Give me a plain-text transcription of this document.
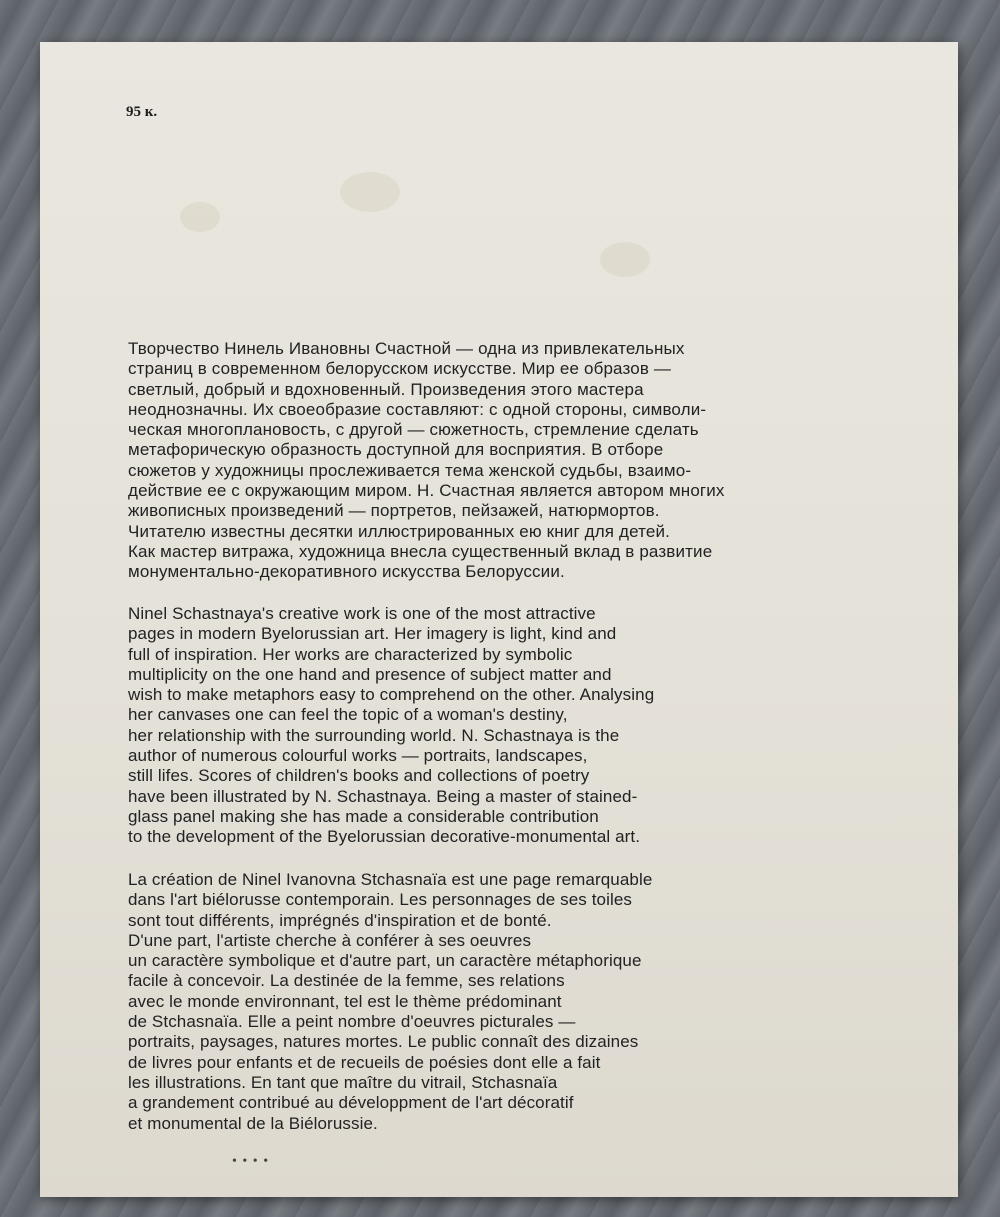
95 к.
Творчество Нинель Ивановны Счастной — одна из привлекательных
страниц в современном белорусском искусстве. Мир ее образов —
светлый, добрый и вдохновенный. Произведения этого мастера
неоднозначны. Их своеобразие составляют: с одной стороны, символи-
ческая многоплановость, с другой — сюжетность, стремление сделать
метафорическую образность доступной для восприятия. В отборе
сюжетов у художницы прослеживается тема женской судьбы, взаимо-
действие ее с окружающим миром. Н. Счастная является автором многих
живописных произведений — портретов, пейзажей, натюрмортов.
Читателю известны десятки иллюстрированных ею книг для детей.
Как мастер витража, художница внесла существенный вклад в развитие
монументально-декоративного искусства Белоруссии.
Ninel Schastnaya's creative work is one of the most attractive
pages in modern Byelorussian art. Her imagery is light, kind and
full of inspiration. Her works are characterized by symbolic
multiplicity on the one hand and presence of subject matter and
wish to make metaphors easy to comprehend on the other. Analysing
her canvases one can feel the topic of a woman's destiny,
her relationship with the surrounding world. N. Schastnaya is the
author of numerous colourful works — portraits, landscapes,
still lifes. Scores of children's books and collections of poetry
have been illustrated by N. Schastnaya. Being a master of stained-
glass panel making she has made a considerable contribution
to the development of the Byelorussian decorative-monumental art.
La création de Ninel Ivanovna Stchasnaïa est une page remarquable
dans l'art biélorusse contemporain. Les personnages de ses toiles
sont tout différents, imprégnés d'inspiration et de bonté.
D'une part, l'artiste cherche à conférer à ses oeuvres
un caractère symbolique et d'autre part, un caractère métaphorique
facile à concevoir. La destinée de la femme, ses relations
avec le monde environnant, tel est le thème prédominant
de Stchasnaïa. Elle a peint nombre d'oeuvres picturales —
portraits, paysages, natures mortes. Le public connaît des dizaines
de livres pour enfants et de recueils de poésies dont elle a fait
les illustrations. En tant que maître du vitrail, Stchasnaïa
a grandement contribué au développment de l'art décoratif
et monumental de la Biélorussie.
• • • •
